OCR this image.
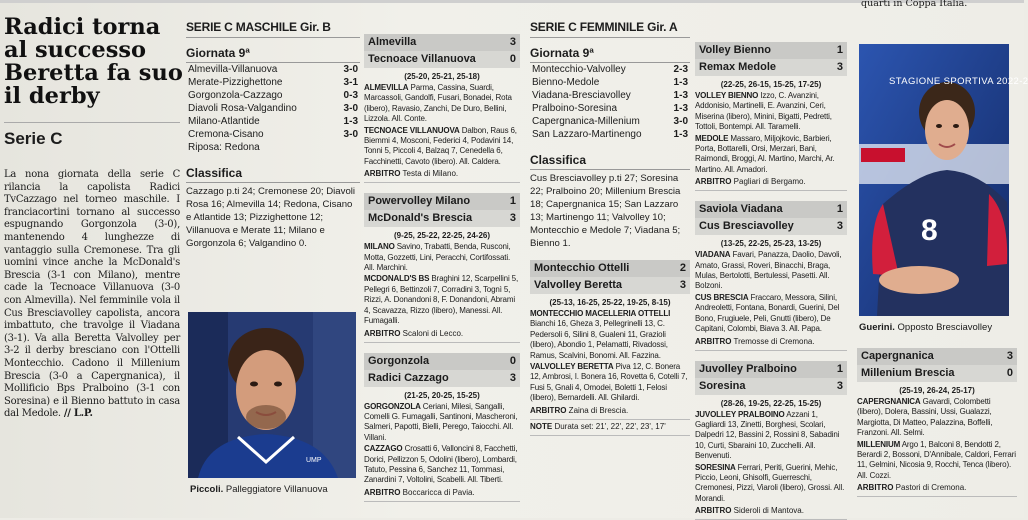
Radici torna
al successo
Beretta fa suo
il derby
Serie C

La nona giornata della serie C rilancia la capolista Radici TvCazzago nel torneo maschile. I franciacortini tornano al successo espugnando Gorgonzola (3-0), mantenendo 4 lunghezze di vantaggio sulla Cremonese. Tra gli uomini vince anche la McDonald's Brescia (3-1 con Milano), mentre cade la Tecnoace Villanuova (3-0 con Almevilla). Nel femminile vola il Cus Bresciavolley capolista, ancora imbattuto, che travolge il Viadana (3-1). Va alla Beretta Valvolley per 3-2 il derby bresciano con l'Ottelli Montecchio. Cadono il Millenium Brescia (3-0 a Capergnanica), il Mollificio Bps Pralboino (3-1 con Soresina) e il Bienno battuto in casa dal Medole. // L.P.

SERIE C MASCHILE Gir. B
Giornata 9ª
Almevilla-Villanuova	3-0
Merate-Pizzighettone	3-1
Gorgonzola-Cazzago	0-3
Diavoli Rosa-Valgandino	3-0
Milano-Atlantide	1-3
Cremona-Cisano	3-0
Riposa: Redona
Classifica
Cazzago p.ti 24; Cremonese 20; Diavoli Rosa 16; Almevilla 14; Redona, Cisano e Atlantide 13; Pizzighettone 12; Villanuova e Merate 11; Milano e Gorgonzola 6; Valgandino 0.
UMP
Piccoli. Palleggiatore Villanuova
Almevilla	3
Tecnoace Villanuova	0
(25-20, 25-21, 25-18)
ALMEVILLA Parma, Cassina, Suardi, Marcassoli, Gandolfi, Fusari, Bonadei, Rota (libero), Ravasio, Zanchi, De Duro, Bellini, Lizzola. All. Conte.
TECNOACE VILLANUOVA Dalbon, Raus 6, Biemmi 4, Mosconi, Federici 4, Podavini 14, Tonni 5, Piccoli 4, Balzaq 7, Cenedella 6, Facchinetti, Cavoto (libero). All. Caldera.
ARBITRO Testa di Milano.
Powervolley Milano	1
McDonald's Brescia	3
(9-25, 25-22, 22-25, 24-26)
MILANO Savino, Trabatti, Benda, Rusconi, Motta, Gozzetti, Lini, Peracchi, Cortifossati. All. Marchini.
MCDONALD'S BS Braghini 12, Scarpellini 5, Pellegri 6, Bettinzoli 7, Corradini 3, Tognì 5, Rizzi, A. Donandoni 8, F. Donandoni, Abrami 4, Scavazza, Rizzo (libero), Manessi. All. Fumagalli.
ARBITRO Scaloni di Lecco.
Gorgonzola	0
Radici Cazzago	3
(21-25, 20-25, 15-25)
GORGONZOLA Ceriani, Milesi, Sangalli, Comelli G. Fumagalli, Santinoni, Mascheroni, Salmeri, Papotti, Bielli, Perego, Taiocchi. All. Villani.
CAZZAGO Crosatti 6, Valloncini 8, Facchetti, Dorici, Pellizzon 5, Odolini (libero), Lombardi, Tatuto, Pessina 6, Sanchez 11, Tommasi, Zanardini 7, Voltolini, Scabelli. All. Tiberti.
ARBITRO Boccaricca di Pavia.
SERIE C FEMMINILE Gir. A
Giornata 9ª
Montecchio-Valvolley	2-3
Bienno-Medole	1-3
Viadana-Bresciavolley	1-3
Pralboino-Soresina	1-3
Capergnanica-Millenium	3-0
San Lazzaro-Martinengo	1-3
Classifica
Cus Bresciavolley p.ti 27; Soresina 22; Pralboino 20; Millenium Brescia 18; Capergnanica 15; San Lazzaro 13; Martinengo 11; Valvolley 10; Montecchio e Medole 7; Viadana 5; Bienno 1.
Montecchio Ottelli	2
Valvolley Beretta	3
(25-13, 16-25, 25-22, 19-25, 8-15)
MONTECCHIO MACELLERIA OTTELLI Bianchi 16, Gheza 3, Pellegrinelli 13, C. Pedersoli 6, Silini 8, Gualeni 11, Grazioli (libero), Abondio 1, Pelamatti, Rivadossi, Ramus, Scalvini, Bonomi. All. Fazzina.
VALVOLLEY BERETTA Piva 12, C. Bonera 12, Ambrosi, I. Bonera 16, Rovetta 6, Cotelli 7, Fusi 5, Gnali 4, Omodei, Boletti 1, Felosi (libero), Bernardelli. All. Ghilardi.
ARBITRO Zaina di Brescia.
NOTE Durata set: 21', 22', 22', 23', 17'
Volley Bienno	1
Remax Medole	3
(22-25, 26-15, 15-25, 17-25)
VOLLEY BIENNO Izzo, C. Avanzini, Addonisio, Martinelli, E. Avanzini, Ceri, Miserina (libero), Minini, Bigatti, Pedretti, Tottoli, Bontempi. All. Taramelli.
MEDOLE Massaro, Miljojkovic, Barbieri, Porta, Bottarelli, Orsi, Merzari, Bani, Raimondi, Broggi, Al. Martino, Marchi, Ar. Martino. All. Amadori.
ARBITRO Pagliari di Bergamo.
Saviola Viadana	1
Cus Bresciavolley	3
(13-25, 22-25, 25-23, 13-25)
VIADANA Favari, Panazza, Daolio, Davoli, Amato, Grassi, Roveri, Binacchi, Braga, Mulas, Bertolotti, Bertulessi, Pasetti. All. Bolzoni.
CUS BRESCIA Fraccaro, Messora, Silini, Andreoletti, Fontana, Bonardi, Guerini, Del Bono, Frugiuele, Peli, Gnutti (libero), De Capitani, Colombi, Biava 3. All. Papa.
ARBITRO Tremosse di Cremona.
Juvolley Pralboino	1
Soresina	3
(28-26, 19-25, 22-25, 15-25)
JUVOLLEY PRALBOINO Azzani 1, Gagliardi 13, Zinetti, Borghesi, Scolari, Dalpedri 12, Bassini 2, Rossini 8, Sabadini 10, Curti, Sbaraini 10, Zucchelli. All. Benvenuti.
SORESINA Ferrari, Periti, Guerini, Mehic, Piccio, Leoni, Ghisolfi, Guerreschi, Cremonesi, Pizzi, Viaroli (libero), Grossi. All. Morandi.
ARBITRO Sideroli di Mantova.
quarti in Coppa Italia.
8
STAGIONE SPORTIVA 2022-2
Guerini. Opposto Bresciavolley
Capergnanica	3
Millenium Brescia	0
(25-19, 26-24, 25-17)
CAPERGNANICA Gavardi, Colombetti (libero), Dolera, Bassini, Ussi, Gualazzi, Margiotta, Di Matteo, Palazzina, Boffelli, Franzoni. All. Selmi.
MILLENIUM Argo 1, Balconi 8, Bendotti 2, Berardi 2, Bossoni, D'Annibale, Caldori, Ferrari 11, Gelmini, Nicosia 9, Rocchi, Tenca (libero). All. Cozzi.
ARBITRO Pastori di Cremona.
